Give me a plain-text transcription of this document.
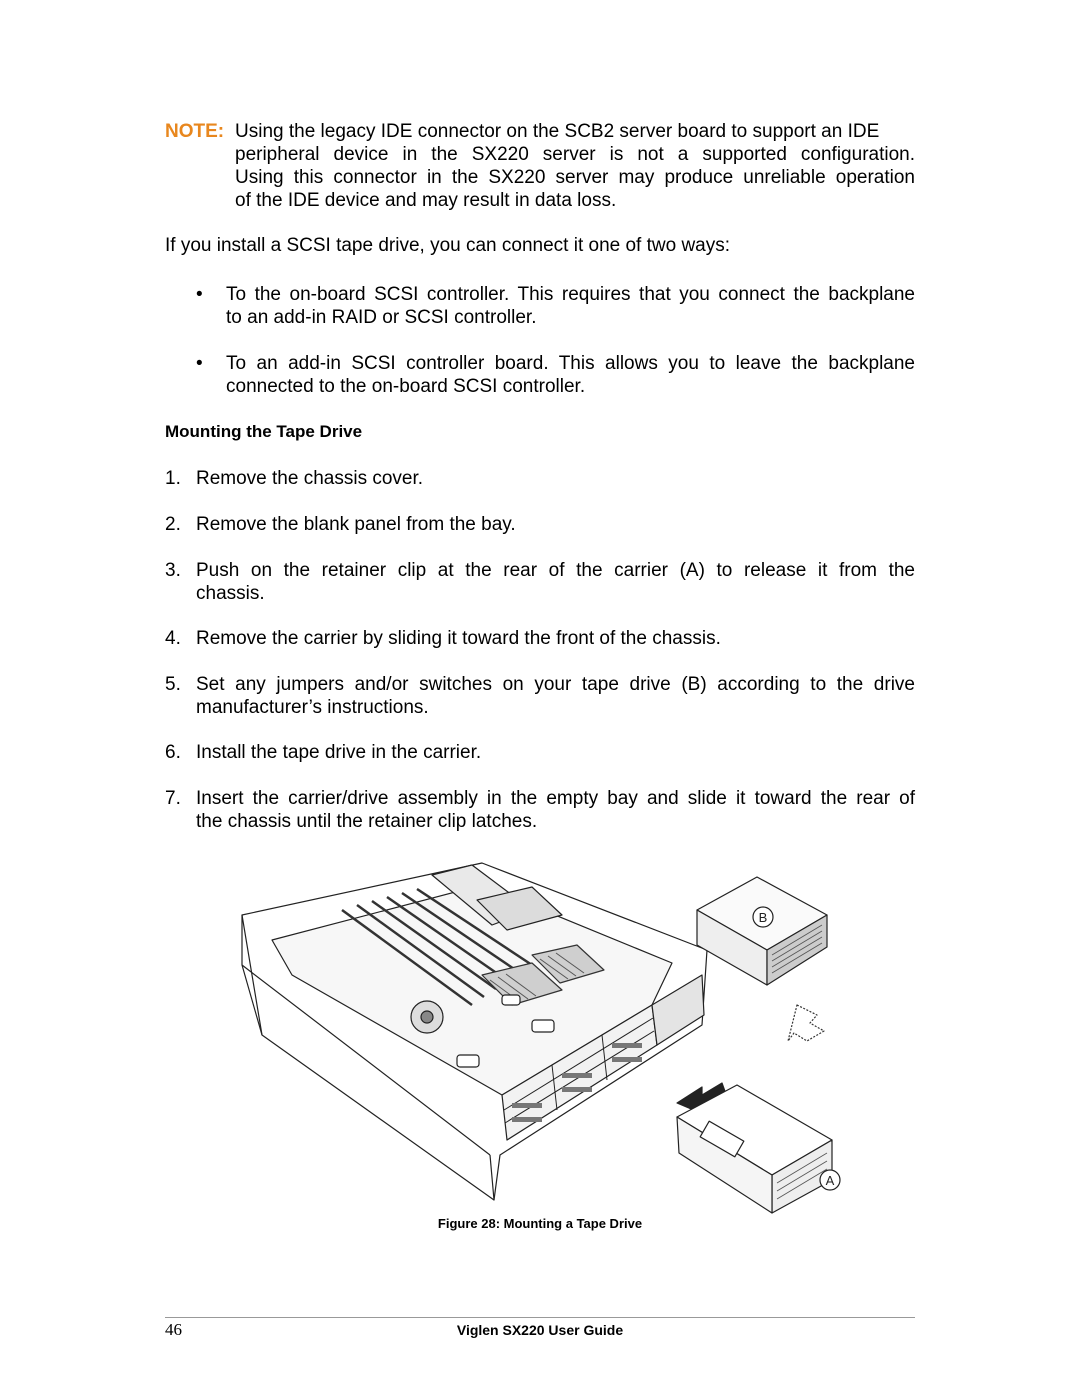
NOTE: Using the legacy IDE connector on the SCB2 server board to support an IDE
peripheral device in the SX220 server is not a supported configuration.
Using this connector in the SX220 server may produce unreliable operation
of the IDE device and may result in data loss.

If you install a SCSI tape drive, you can connect it one of two ways:

•	To the on-board SCSI controller. This requires that you connect the backplane
to an add-in RAID or SCSI controller.
•	To an add-in SCSI controller board. This allows you to leave the backplane
connected to the on-board SCSI controller.
Mounting the Tape Drive
1. Remove the chassis cover.
2. Remove the blank panel from the bay.
3. Push on the retainer clip at the rear of the carrier (A) to release it from the
chassis.
4. Remove the carrier by sliding it toward the front of the chassis.
5. Set any jumpers and/or switches on your tape drive (B) according to the drive
manufacturer’s instructions.
6. Install the tape drive in the carrier.
7. Insert the carrier/drive assembly in the empty bay and slide it toward the rear of
the chassis until the retainer clip latches.
B
A
Figure 28: Mounting a Tape Drive
46	Viglen SX220 User Guide
